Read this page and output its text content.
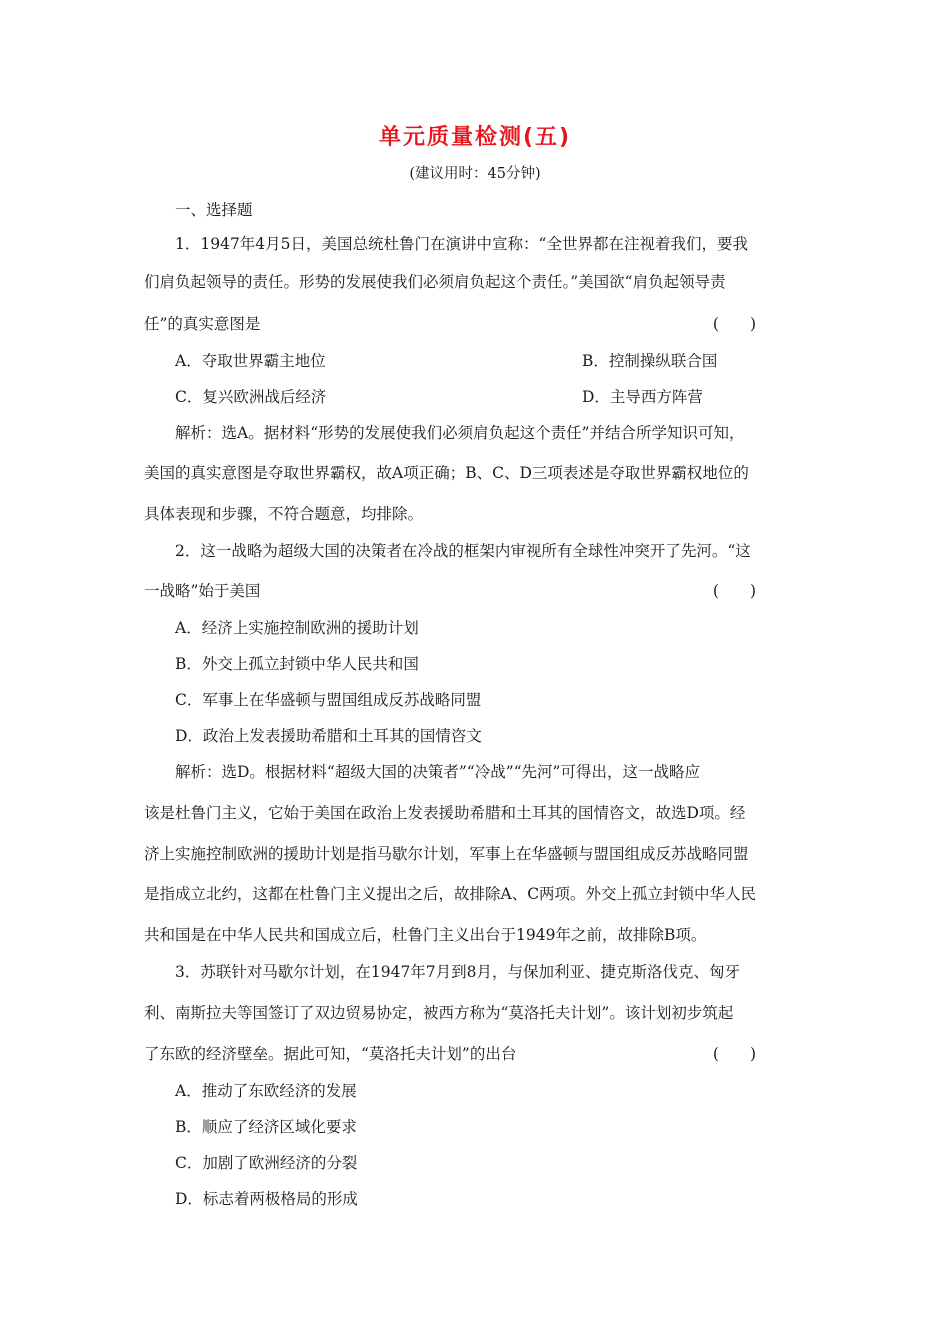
单元质量检测(五)
(建议用时：45分钟)
一、选择题
1．1947年4月5日，美国总统杜鲁门在演讲中宣称：“全世界都在注视着我们，要我
们肩负起领导的责任。形势的发展使我们必须肩负起这个责任。”美国欲“肩负起领导责
任”的真实意图是	(　　)
A．夺取世界霸主地位	B．控制操纵联合国
C．复兴欧洲战后经济	D．主导西方阵营
解析：选A。据材料“形势的发展使我们必须肩负起这个责任”并结合所学知识可知，
美国的真实意图是夺取世界霸权，故A项正确；B、C、D三项表述是夺取世界霸权地位的
具体表现和步骤，不符合题意，均排除。
2．这一战略为超级大国的决策者在冷战的框架内审视所有全球性冲突开了先河。“这
一战略”始于美国	(　　)
A．经济上实施控制欧洲的援助计划
B．外交上孤立封锁中华人民共和国
C．军事上在华盛顿与盟国组成反苏战略同盟
D．政治上发表援助希腊和土耳其的国情咨文
解析：选D。根据材料“超级大国的决策者”“冷战”“先河”可得出，这一战略应
该是杜鲁门主义，它始于美国在政治上发表援助希腊和土耳其的国情咨文，故选D项。经
济上实施控制欧洲的援助计划是指马歇尔计划，军事上在华盛顿与盟国组成反苏战略同盟
是指成立北约，这都在杜鲁门主义提出之后，故排除A、C两项。外交上孤立封锁中华人民
共和国是在中华人民共和国成立后，杜鲁门主义出台于1949年之前，故排除B项。
3．苏联针对马歇尔计划，在1947年7月到8月，与保加利亚、捷克斯洛伐克、匈牙
利、南斯拉夫等国签订了双边贸易协定，被西方称为“莫洛托夫计划”。该计划初步筑起
了东欧的经济壁垒。据此可知，“莫洛托夫计划”的出台	(　　)
A．推动了东欧经济的发展
B．顺应了经济区域化要求
C．加剧了欧洲经济的分裂
D．标志着两极格局的形成
